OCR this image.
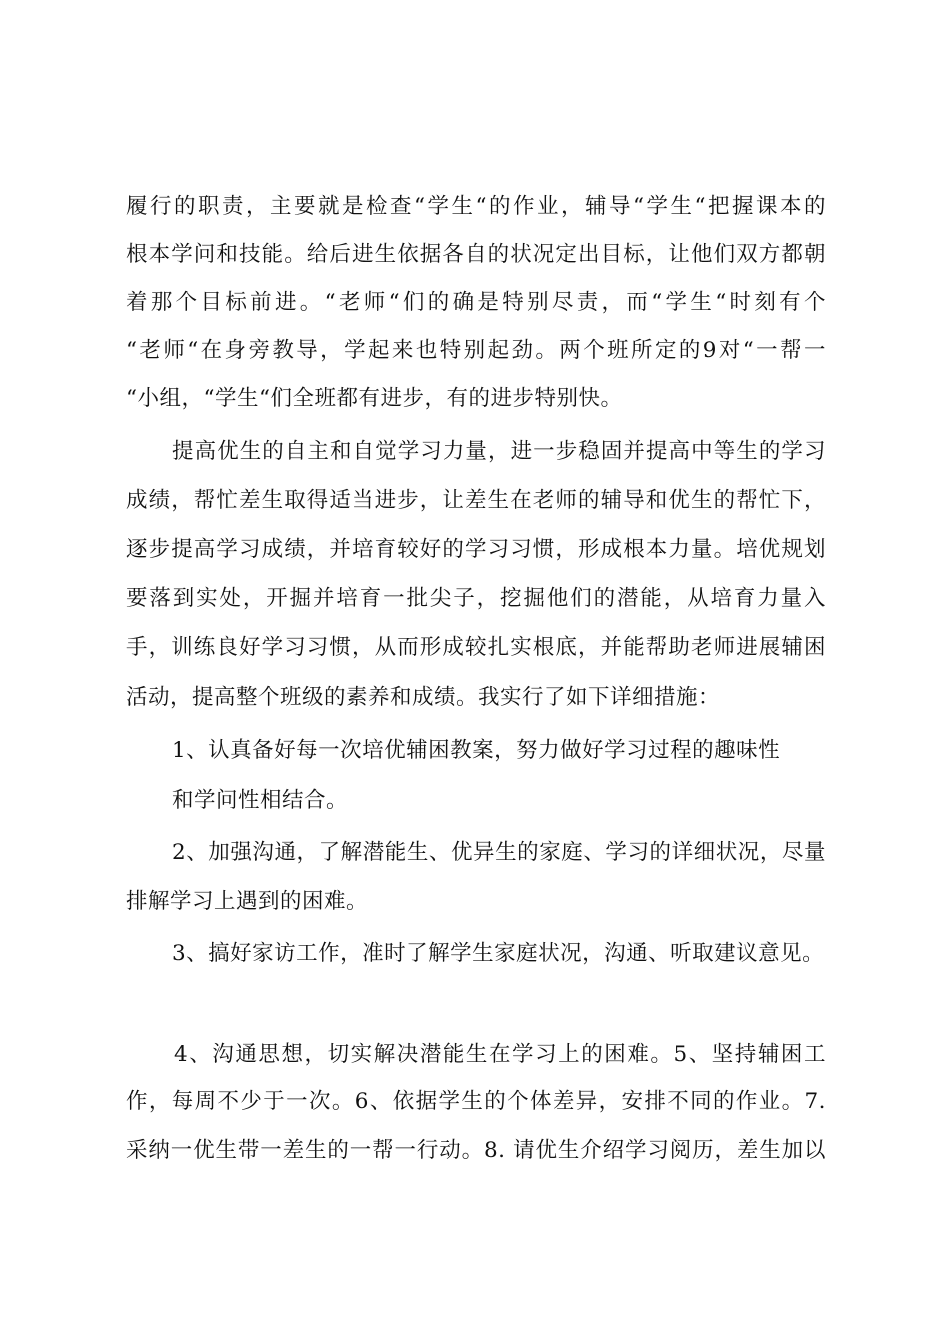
履行的职责，主要就是检查“学生“的作业，辅导“学生“把握课本的
根本学问和技能。给后进生依据各自的状况定出目标，让他们双方都朝
着那个目标前进。“老师“们的确是特别尽责，而“学生“时刻有个
“老师“在身旁教导，学起来也特别起劲。两个班所定的9对“一帮一
“小组，“学生“们全班都有进步，有的进步特别快。
提高优生的自主和自觉学习力量，进一步稳固并提高中等生的学习
成绩，帮忙差生取得适当进步，让差生在老师的辅导和优生的帮忙下，
逐步提高学习成绩，并培育较好的学习习惯，形成根本力量。培优规划
要落到实处，开掘并培育一批尖子，挖掘他们的潜能，从培育力量入
手，训练良好学习习惯，从而形成较扎实根底，并能帮助老师进展辅困
活动，提高整个班级的素养和成绩。我实行了如下详细措施：
1、认真备好每一次培优辅困教案，努力做好学习过程的趣味性
和学问性相结合。
2、加强沟通，了解潜能生、优异生的家庭、学习的详细状况，尽量
排解学习上遇到的困难。
3、搞好家访工作，准时了解学生家庭状况，沟通、听取建议意见。
4、沟通思想，切实解决潜能生在学习上的困难。5、坚持辅困工
作，每周不少于一次。6、依据学生的个体差异，安排不同的作业。7.
采纳一优生带一差生的一帮一行动。8. 请优生介绍学习阅历，差生加以
